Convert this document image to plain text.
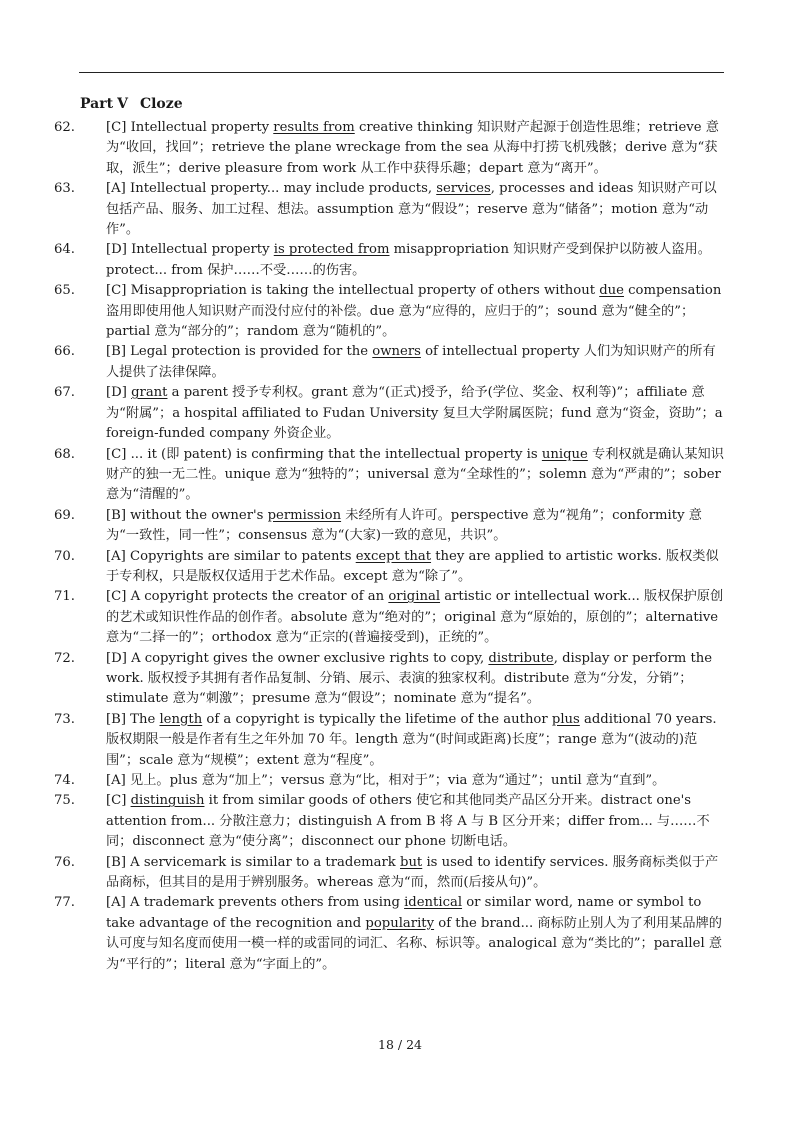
Part Ⅴ Cloze
62. [C] Intellectual property results from creative thinking 知识财产起源于创造性思维；retrieve 意为“收回，找回”；retrieve the plane wreckage from the sea 从海中打捞飞机残骸；derive 意为“获取，派生”；derive pleasure from work 从工作中获得乐趣；depart 意为“离开”。
63. [A] Intellectual property... may include products, services, processes and ideas 知识财产可以包括产品、服务、加工过程、想法。assumption 意为“假设”；reserve 意为“储备”；motion 意为“动作”。
64. [D] Intellectual property is protected from misappropriation 知识财产受到保护以防被人盗用。protect... from 保护……不受……的伤害。
65. [C] Misappropriation is taking the intellectual property of others without due compensation 盗用即使用他人知识财产而没付应付的补偿。due 意为“应得的，应归于的”；sound 意为“健全的”；partial 意为“部分的”；random 意为“随机的”。
66. [B] Legal protection is provided for the owners of intellectual property 人们为知识财产的所有人提供了法律保障。
67. [D] grant a parent 授予专利权。grant 意为“(正式)授予，给予(学位、奖金、权利等)”；affiliate 意为“附属”；a hospital affiliated to Fudan University 复旦大学附属医院；fund 意为“资金，资助”；a foreign-funded company 外资企业。
68. [C] ... it (即 patent) is confirming that the intellectual property is unique 专利权就是确认某知识财产的独一无二性。unique 意为“独特的”；universal 意为“全球性的”；solemn 意为“严肃的”；sober 意为“清醒的”。
69. [B] without the owner's permission 未经所有人许可。perspective 意为“视角”；conformity 意为“一致性，同一性”；consensus 意为“(大家)一致的意见，共识”。
70. [A] Copyrights are similar to patents except that they are applied to artistic works. 版权类似于专利权，只是版权仅适用于艺术作品。except 意为“除了”。
71. [C] A copyright protects the creator of an original artistic or intellectual work... 版权保护原创的艺术或知识性作品的创作者。absolute 意为“绝对的”；original 意为“原始的，原创的”；alternative 意为“二择一的”；orthodox 意为“正宗的(普遍接受到)，正统的”。
72. [D] A copyright gives the owner exclusive rights to copy, distribute, display or perform the work. 版权授予其拥有者作品复制、分销、展示、表演的独家权利。distribute 意为“分发，分销”；stimulate 意为“刺激”；presume 意为“假设”；nominate 意为“提名”。
73. [B] The length of a copyright is typically the lifetime of the author plus additional 70 years. 版权期限一般是作者有生之年外加 70 年。length 意为“(时间或距离)长度”；range 意为“(波动的)范围”；scale 意为“规模”；extent 意为“程度”。
74. [A] 见上。plus 意为“加上”；versus 意为“比，相对于”；via 意为“通过”；until 意为“直到”。
75. [C] distinguish it from similar goods of others 使它和其他同类产品区分开来。distract one's attention from... 分散注意力；distinguish A from B 将 A 与 B 区分开来；differ from... 与……不同；disconnect 意为“使分离”；disconnect our phone 切断电话。
76. [B] A servicemark is similar to a trademark but is used to identify services. 服务商标类似于产品商标，但其目的是用于辨别服务。whereas 意为“而，然而(后接从句)”。
77. [A] A trademark prevents others from using identical or similar word, name or symbol to take advantage of the recognition and popularity of the brand... 商标防止别人为了利用某品牌的认可度与知名度而使用一模一样的或雷同的词汇、名称、标识等。analogical 意为“类比的”；parallel 意为“平行的”；literal 意为“字面上的”。
18 / 24
